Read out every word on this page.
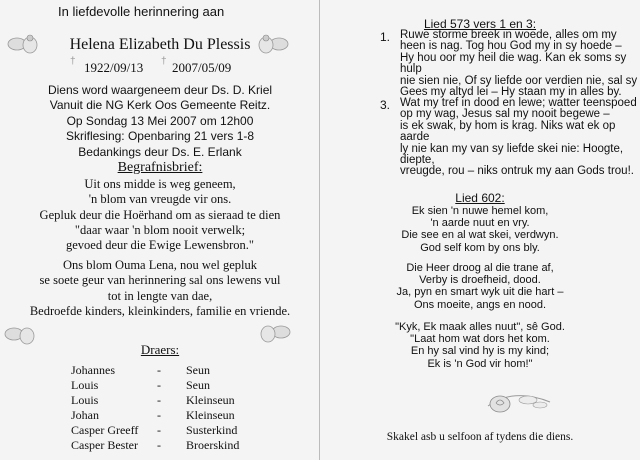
In liefdevolle herinnering aan
Helena Elizabeth Du Plessis
† 1922/09/13 † 2007/05/09
Diens word waargeneem deur Ds. D. Kriel
Vanuit die NG Kerk Oos Gemeente Reitz.
Op Sondag 13 Mei 2007 om 12h00
Skriflesing: Openbaring 21 vers 1-8
Bedankings deur Ds. E. Erlank
Begrafnisbrief:
Uit ons midde is weg geneem,
'n blom van vreugde vir ons.
Gepluk deur die Hoërhand om as sieraad te dien
"daar waar 'n blom nooit verwelk;
gevoed deur die Ewige Lewensbron."
Ons blom Ouma Lena, nou wel gepluk
se soete geur van herinnering sal ons lewens vul
tot in lengte van dae,
Bedroefde kinders, kleinkinders, familie en vriende.
Draers:
Johannes	- Seun
Louis	- Seun
Louis	- Kleinseun
Johan	- Kleinseun
Casper Greeff - Susterkind
Casper Bester - Broerskind
Lied 573 vers 1 en 3:
1. Ruwe storme breek in woede, alles om my
heen is nag. Tog hou God my in sy hoede –
Hy hou oor my heil die wag. Kan ek soms sy hulp
nie sien nie, Of sy liefde oor verdien nie, sal sy
Gees my altyd lei – Hy staan my in alles by.
3. Wat my tref in dood en lewe; watter teenspoed
op my wag, Jesus sal my nooit begewe –
is ek swak, by hom is krag. Niks wat ek op aarde
ly nie kan my van sy liefde skei nie: Hoogte, diepte,
vreugde, rou – niks ontruk my aan Gods trou!.
Lied 602:
Ek sien 'n nuwe hemel kom,
'n aarde nuut en vry.
Die see en al wat skei, verdwyn.
God self kom by ons bly.
Die Heer droog al die trane af,
Verby is droefheid, dood.
Ja, pyn en smart wyk uit die hart –
Ons moeite, angs en nood.
"Kyk, Ek maak alles nuut", sê God.
"Laat hom wat dors het kom.
En hy sal vind hy is my kind;
Ek is 'n God vir hom!"
Skakel asb u selfoon af tydens die diens.
